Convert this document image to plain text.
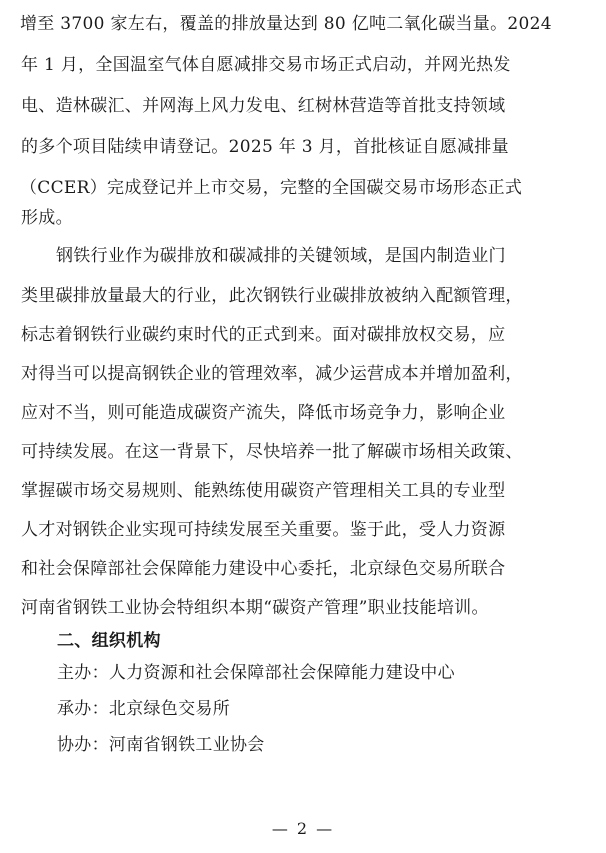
增至 3700 家左右，覆盖的排放量达到 80 亿吨二氧化碳当量。2024
年 1 月，全国温室气体自愿减排交易市场正式启动，并网光热发
电、造林碳汇、并网海上风力发电、红树林营造等首批支持领域
的多个项目陆续申请登记。2025 年 3 月，首批核证自愿减排量
（CCER）完成登记并上市交易，完整的全国碳交易市场形态正式
形成。
钢铁行业作为碳排放和碳减排的关键领域，是国内制造业门
类里碳排放量最大的行业，此次钢铁行业碳排放被纳入配额管理，
标志着钢铁行业碳约束时代的正式到来。面对碳排放权交易，应
对得当可以提高钢铁企业的管理效率，减少运营成本并增加盈利，
应对不当，则可能造成碳资产流失，降低市场竞争力，影响企业
可持续发展。在这一背景下，尽快培养一批了解碳市场相关政策、
掌握碳市场交易规则、能熟练使用碳资产管理相关工具的专业型
人才对钢铁企业实现可持续发展至关重要。鉴于此，受人力资源
和社会保障部社会保障能力建设中心委托，北京绿色交易所联合
河南省钢铁工业协会特组织本期“碳资产管理”职业技能培训。
二、组织机构
主办：人力资源和社会保障部社会保障能力建设中心
承办：北京绿色交易所
协办：河南省钢铁工业协会
— 2 —
